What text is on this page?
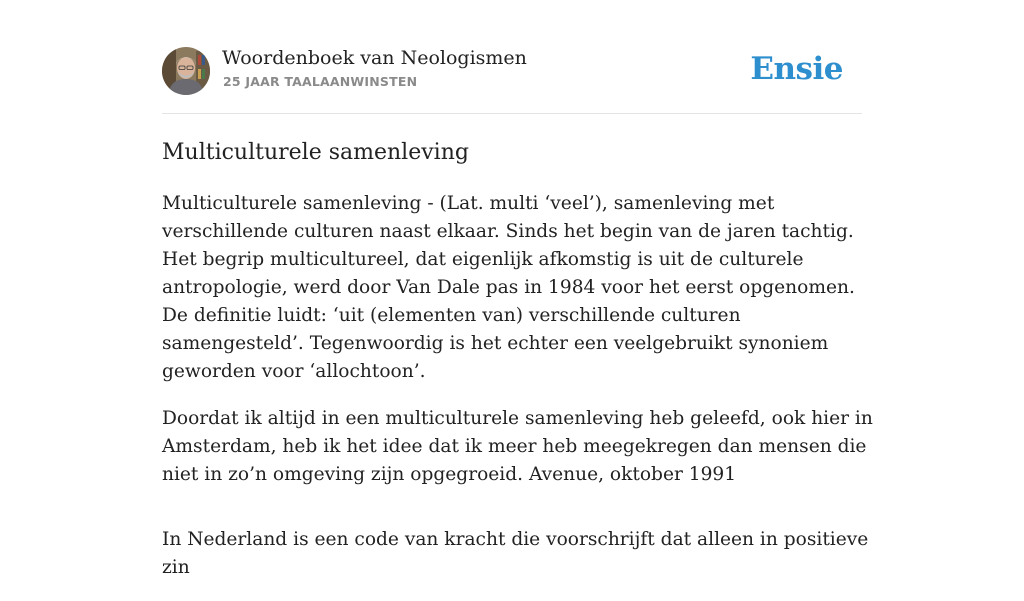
Woordenboek van Neologismen
25 JAAR TAALAANWINSTEN	Ensie
Multiculturele samenleving

Multiculturele samenleving - (Lat. multi ‘veel’), samenleving met verschillende culturen naast elkaar. Sinds het begin van de jaren tachtig. Het begrip multicultureel, dat eigenlijk afkomstig is uit de culturele antropologie, werd door Van Dale pas in 1984 voor het eerst opgenomen. De definitie luidt: ‘uit (elementen van) verschillende culturen samengesteld’. Tegenwoordig is het echter een veelgebruikt synoniem geworden voor ‘allochtoon’.

Doordat ik altijd in een multiculturele samenleving heb geleefd, ook hier in Amsterdam, heb ik het idee dat ik meer heb meegekregen dan mensen die niet in zo’n omgeving zijn opgegroeid. Avenue, oktober 1991

In Nederland is een code van kracht die voorschrijft dat alleen in positieve zin
